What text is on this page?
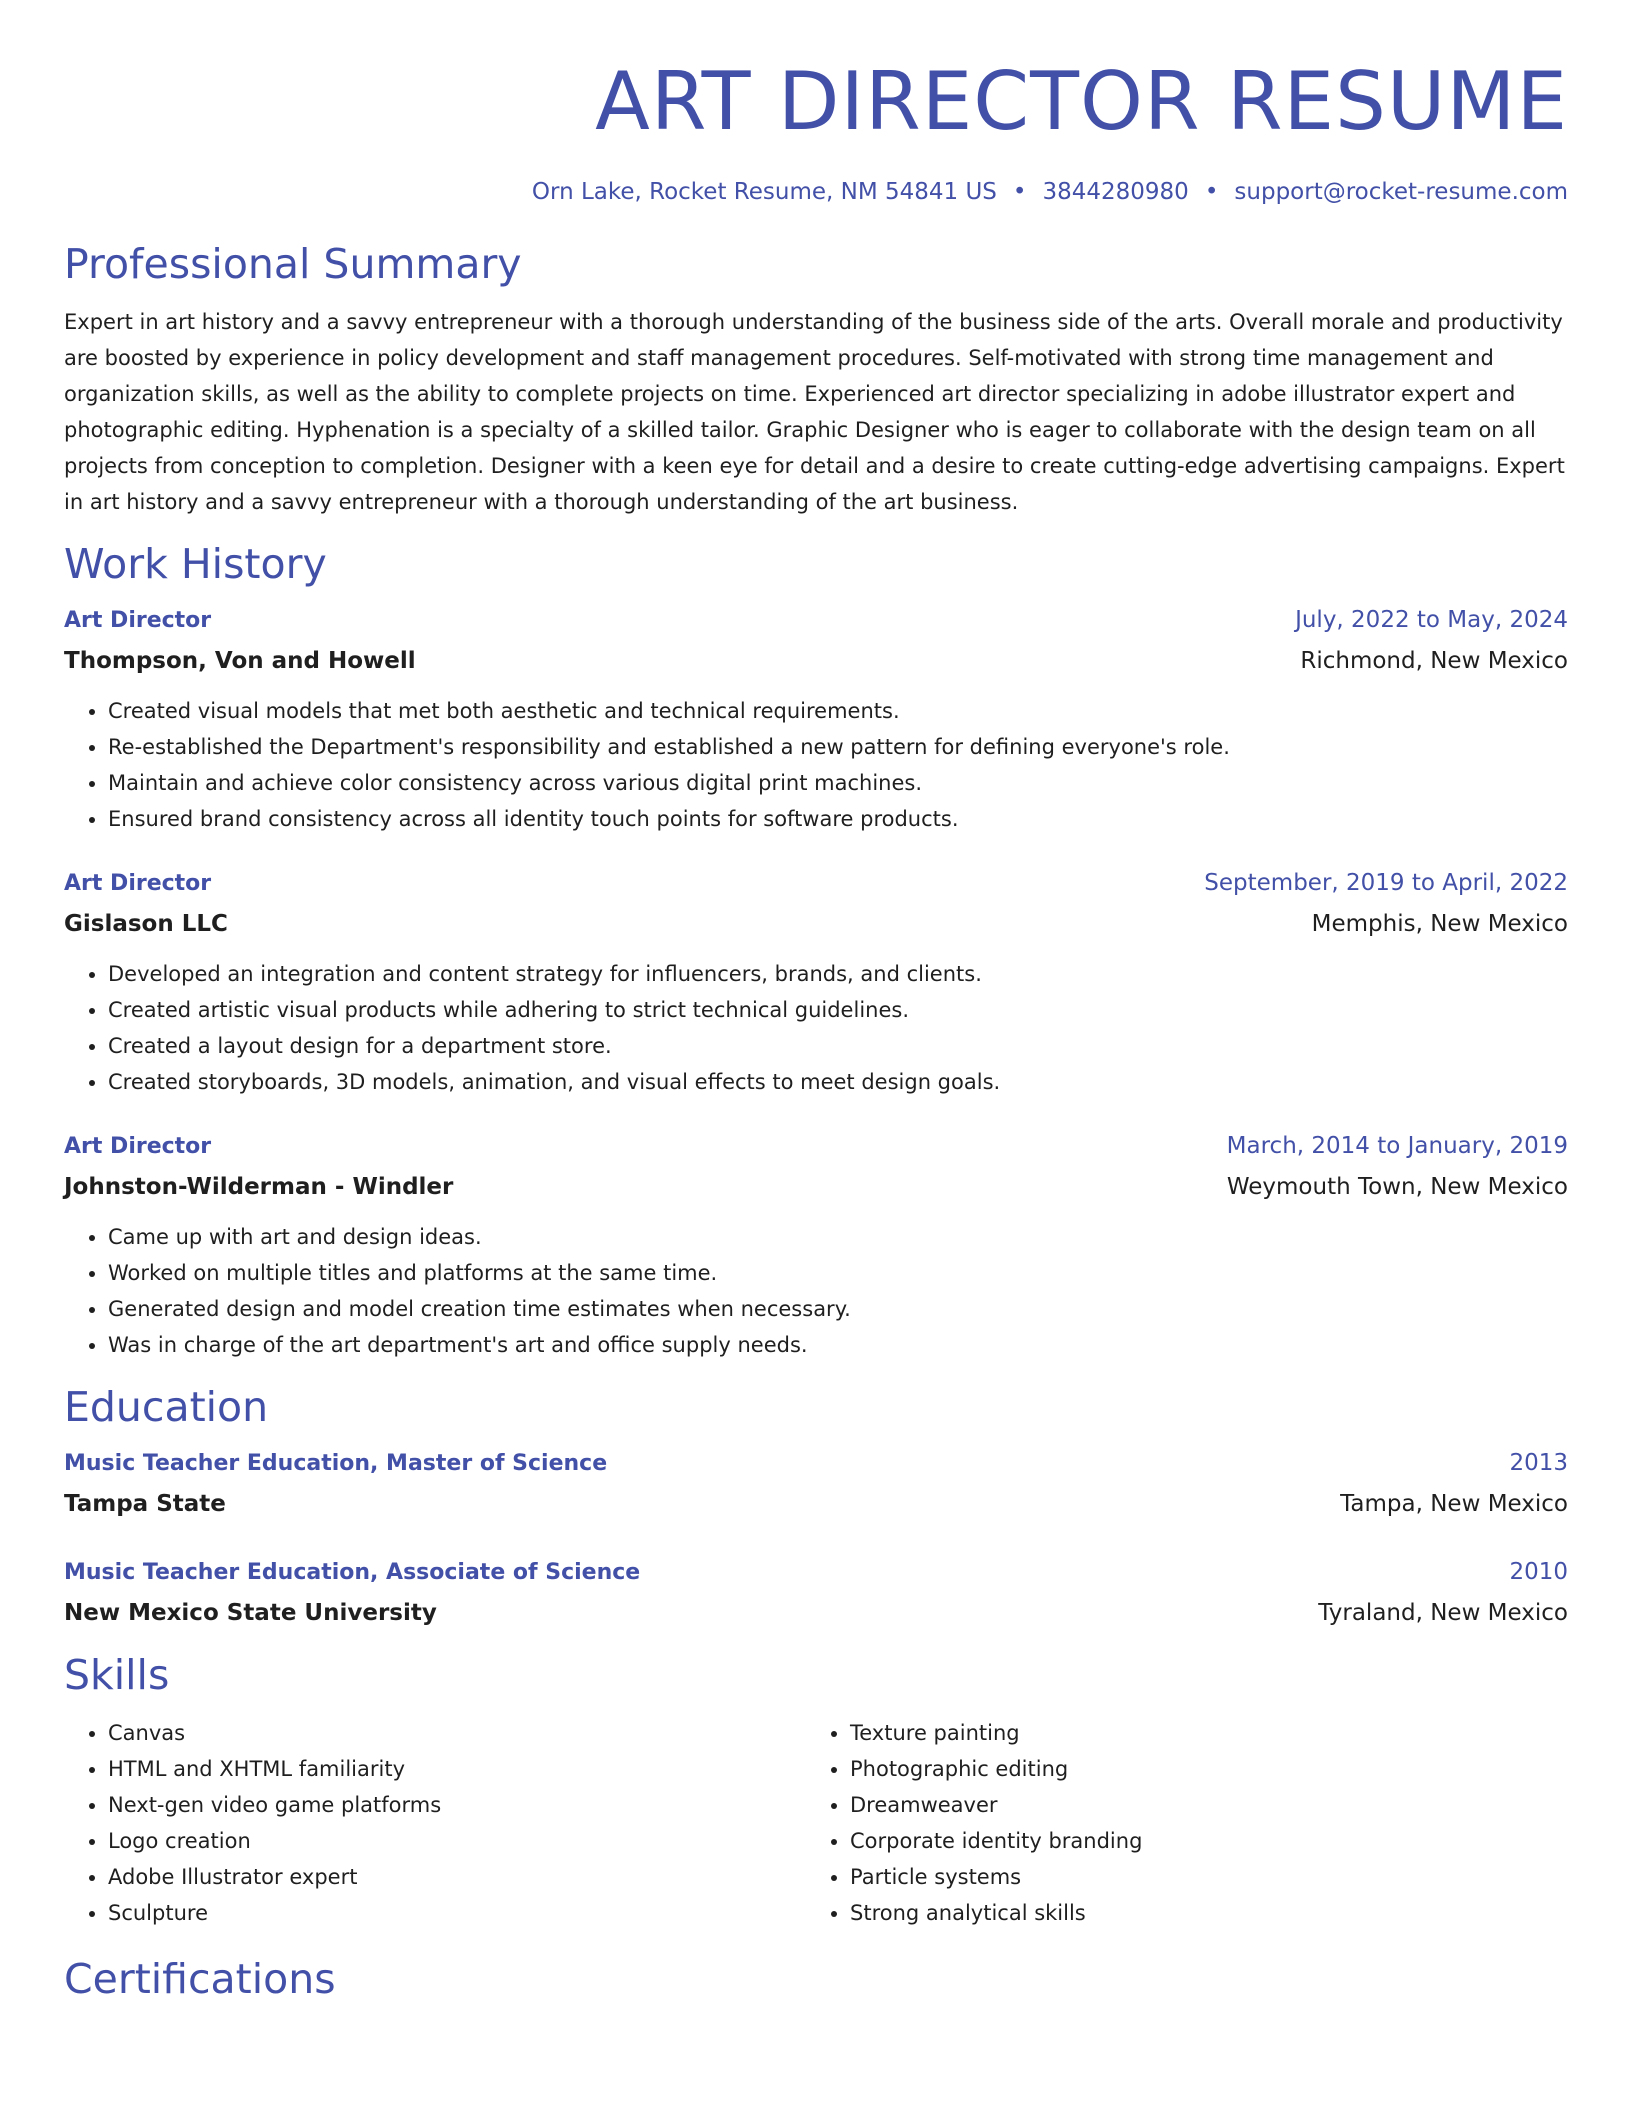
ART DIRECTOR RESUME
Orn Lake, Rocket Resume, NM 54841 US • 3844280980 • support@rocket-resume.com
Professional Summary
Expert in art history and a savvy entrepreneur with a thorough understanding of the business side of the arts. Overall morale and productivity are boosted by experience in policy development and staff management procedures. Self-motivated with strong time management and organization skills, as well as the ability to complete projects on time. Experienced art director specializing in adobe illustrator expert and photographic editing. Hyphenation is a specialty of a skilled tailor. Graphic Designer who is eager to collaborate with the design team on all projects from conception to completion. Designer with a keen eye for detail and a desire to create cutting-edge advertising campaigns. Expert in art history and a savvy entrepreneur with a thorough understanding of the art business.
Work History
Art Director	July, 2022 to May, 2024
Thompson, Von and Howell	Richmond, New Mexico
• Created visual models that met both aesthetic and technical requirements.
• Re-established the Department's responsibility and established a new pattern for defining everyone's role.
• Maintain and achieve color consistency across various digital print machines.
• Ensured brand consistency across all identity touch points for software products.
Art Director	September, 2019 to April, 2022
Gislason LLC	Memphis, New Mexico
• Developed an integration and content strategy for influencers, brands, and clients.
• Created artistic visual products while adhering to strict technical guidelines.
• Created a layout design for a department store.
• Created storyboards, 3D models, animation, and visual effects to meet design goals.
Art Director	March, 2014 to January, 2019
Johnston-Wilderman - Windler	Weymouth Town, New Mexico
• Came up with art and design ideas.
• Worked on multiple titles and platforms at the same time.
• Generated design and model creation time estimates when necessary.
• Was in charge of the art department's art and office supply needs.
Education
Music Teacher Education, Master of Science	2013
Tampa State	Tampa, New Mexico
Music Teacher Education, Associate of Science	2010
New Mexico State University	Tyraland, New Mexico
Skills
• Canvas
• HTML and XHTML familiarity
• Next-gen video game platforms
• Logo creation
• Adobe Illustrator expert
• Sculpture
• Texture painting
• Photographic editing
• Dreamweaver
• Corporate identity branding
• Particle systems
• Strong analytical skills
Certifications
